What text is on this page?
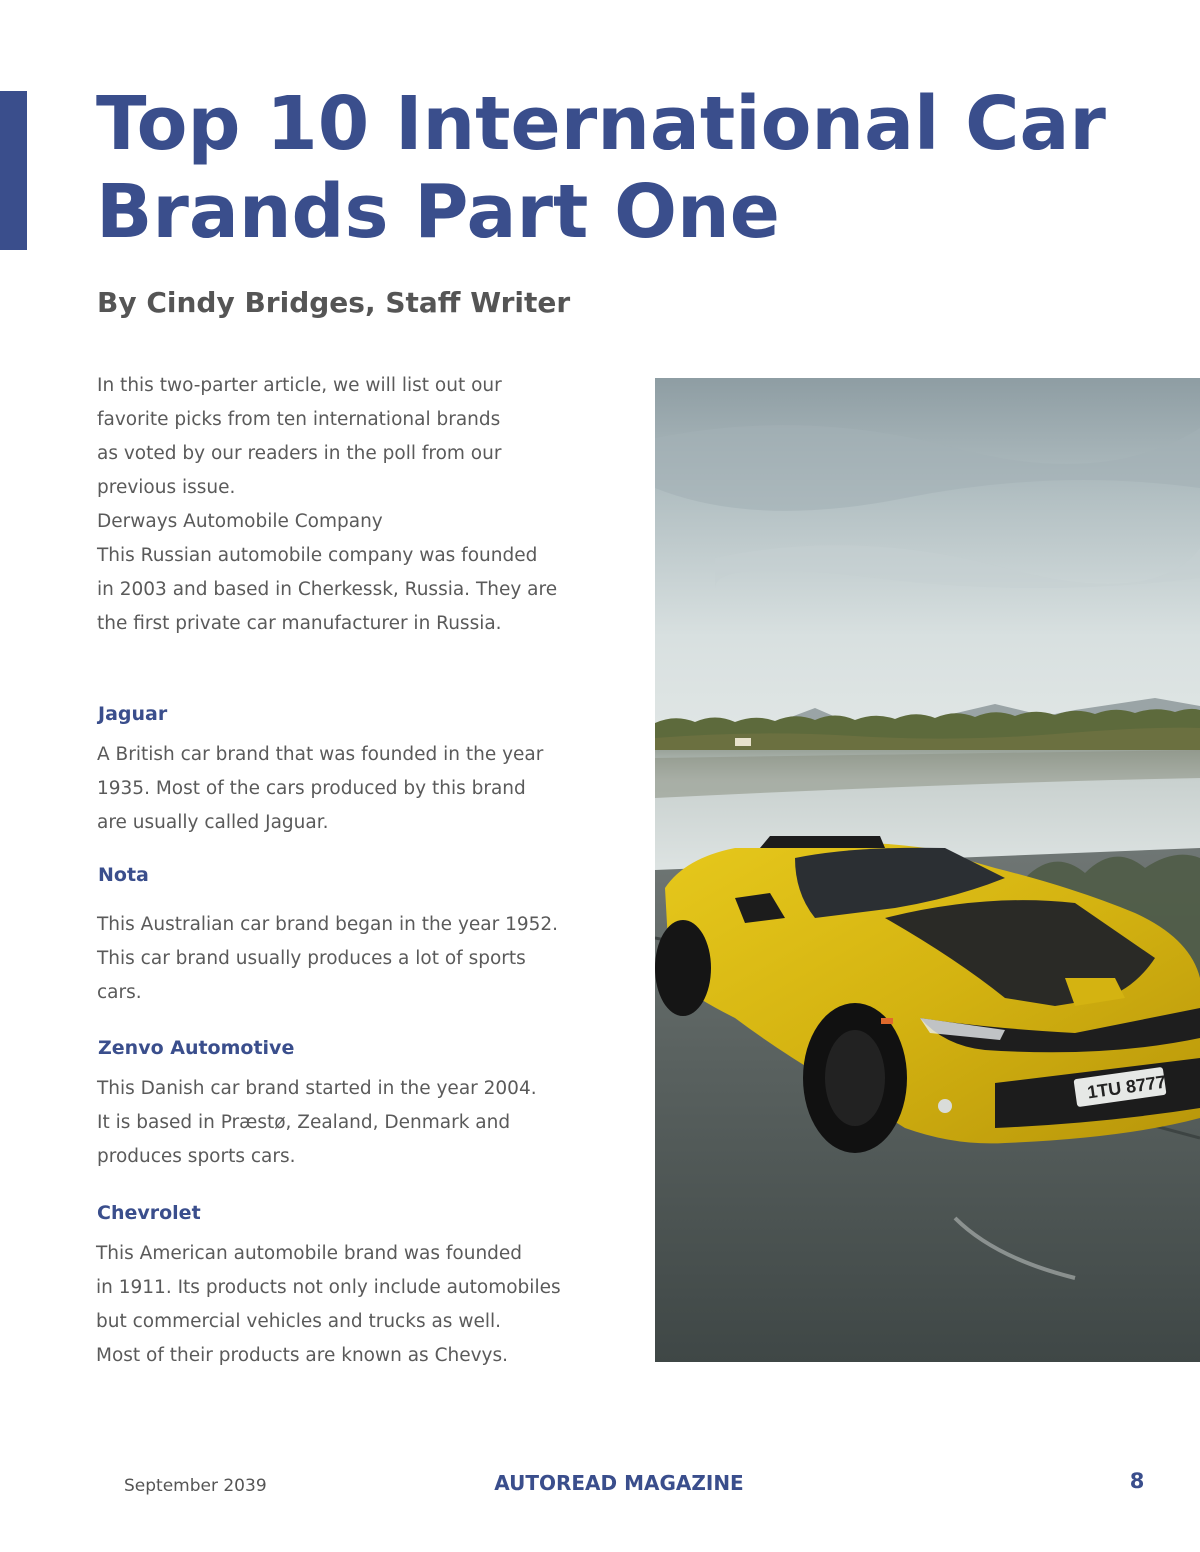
Top 10 International Car
Brands Part One
By Cindy Bridges, Staff Writer
In this two-parter article, we will list out our
favorite picks from ten international brands
as voted by our readers in the poll from our
previous issue.
Derways Automobile Company
This Russian automobile company was founded
in 2003 and based in Cherkessk, Russia. They are
the first private car manufacturer in Russia.
Jaguar
A British car brand that was founded in the year
1935. Most of the cars produced by this brand
are usually called Jaguar.
Nota
This Australian car brand began in the year 1952.
This car brand usually produces a lot of sports
cars.
Zenvo Automotive
This Danish car brand started in the year 2004.
It is based in Præstø, Zealand, Denmark and
produces sports cars.
Chevrolet
This American automobile brand was founded
in 1911. Its products not only include automobiles
but commercial vehicles and trucks as well.
Most of their products are known as Chevys.
1TU 8777
September 2039	AUTOREAD MAGAZINE	8
